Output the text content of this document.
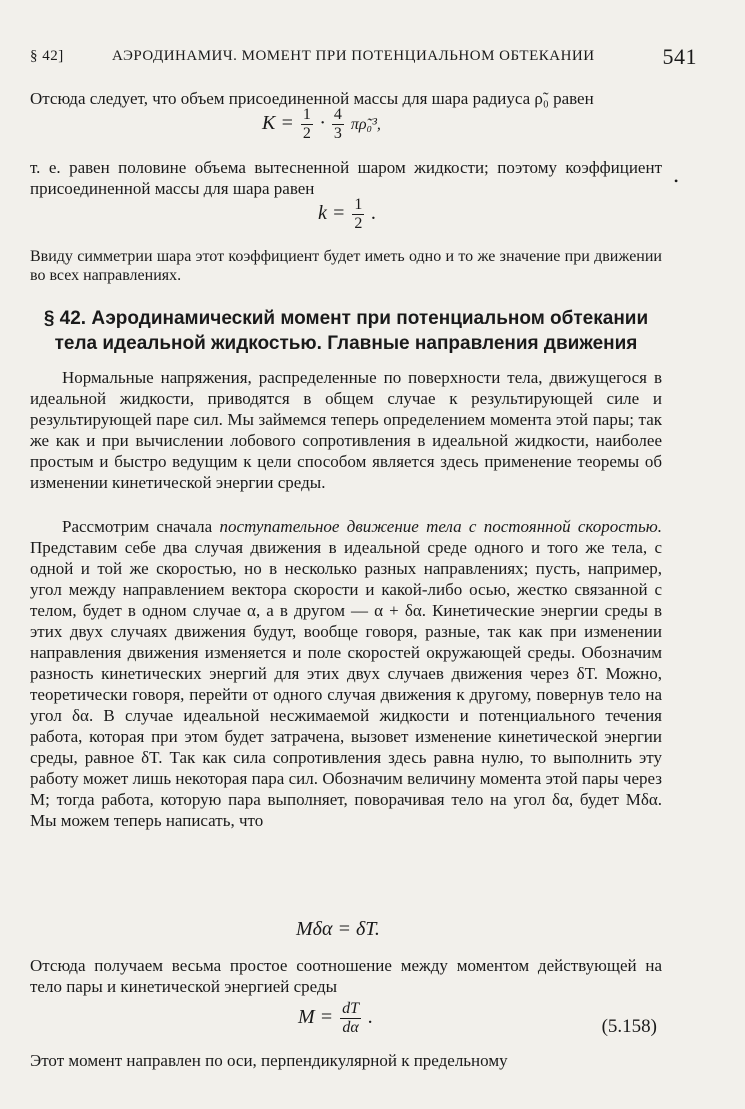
§ 42]	АЭРОДИНАМИЧ. МОМЕНТ ПРИ ПОТЕНЦИАЛЬНОМ ОБТЕКАНИИ	541
Отсюда следует, что объем присоединенной массы для шара радиуса ρ̃₀ равен
$K = \frac{1}{2} \cdot \frac{4}{3}$ πρ̃₀³,
т. е. равен половине объема вытесненной шаром жидкости; поэтому коэффициент присоединенной массы для шара равен	•
$k = \frac{1}{2}$ .
Ввиду симметрии шара этот коэффициент будет иметь одно и то же значение при движении во всех направлениях.
§ 42. Аэродинамический момент при потенциальном обтекании тела идеальной жидкостью. Главные направления движения
Нормальные напряжения, распределенные по поверхности тела, движущегося в идеальной жидкости, приводятся в общем случае к результирующей силе и результирующей паре сил. Мы займемся теперь определением момента этой пары; так же как и при вычислении лобового сопротивления в идеальной жидкости, наиболее простым и быстро ведущим к цели способом является здесь применение теоремы об изменении кинетической энергии среды.
Рассмотрим сначала поступательное движение тела с постоянной скоростью. Представим себе два случая движения в идеальной среде одного и того же тела, с одной и той же скоростью, но в несколько разных направлениях; пусть, например, угол между направлением вектора скорости и какой-либо осью, жестко связанной с телом, будет в одном случае α, а в другом — α + δα. Кинетические энергии среды в этих двух случаях движения будут, вообще говоря, разные, так как при изменении направления движения изменяется и поле скоростей окружающей среды. Обозначим разность кинетических энергий для этих двух случаев движения через δT. Можно, теоретически говоря, перейти от одного случая движения к другому, повернув тело на угол δα. В случае идеальной несжимаемой жидкости и потенциального течения работа, которая при этом будет затрачена, вызовет изменение кинетической энергии среды, равное δT. Так как сила сопротивления здесь равна нулю, то выполнить эту работу может лишь некоторая пара сил. Обозначим величину момента этой пары через M; тогда работа, которую пара выполняет, поворачивая тело на угол δα, будет Mδα. Мы можем теперь написать, что
Mδα = δT.
Отсюда получаем весьма простое соотношение между моментом действующей на тело пары и кинетической энергией среды
$M = \frac{dT}{d\alpha}$ .	(5.158)
Этот момент направлен по оси, перпендикулярной к предельному
